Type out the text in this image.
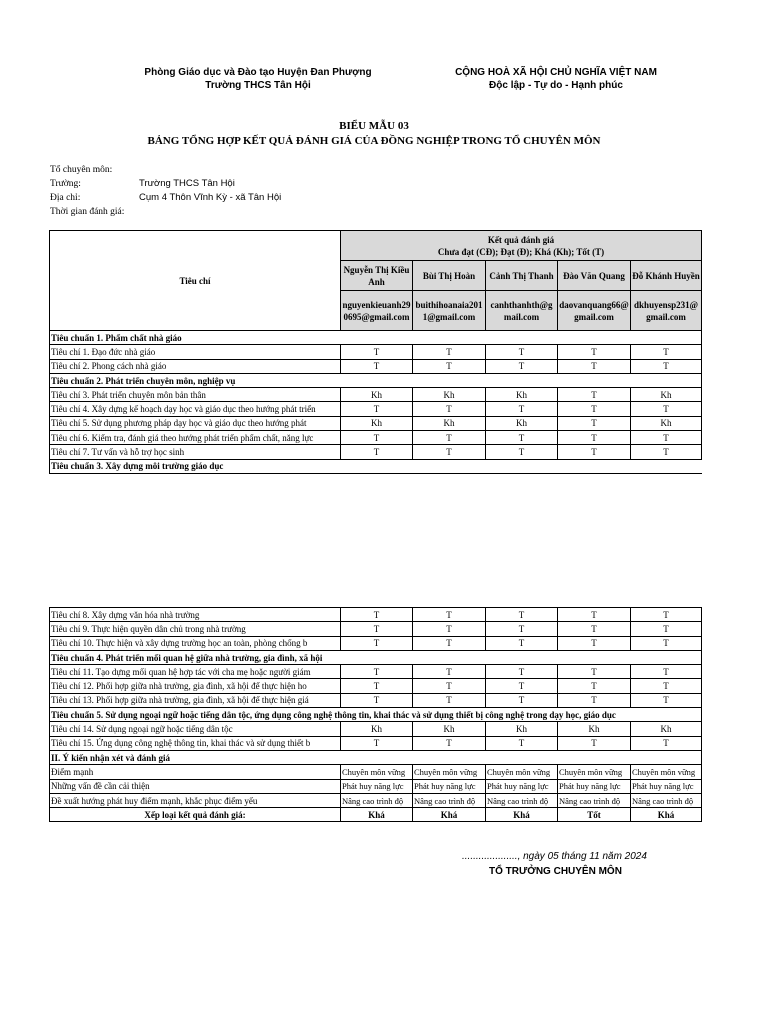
Phòng Giáo dục và Đào tạo Huyện Đan Phượng
Trường THCS Tân Hội
CỘNG HOÀ XÃ HỘI CHỦ NGHĨA VIỆT NAM
Độc lập - Tự do - Hạnh phúc
BIỂU MẪU 03
BẢNG TỔNG HỢP KẾT QUẢ ĐÁNH GIÁ CỦA ĐỒNG NGHIỆP TRONG TỔ CHUYÊN MÔN
Tổ chuyên môn:
Trường:	Trường THCS Tân Hội
Địa chỉ:	Cụm 4 Thôn Vĩnh Kỳ - xã Tân Hội
Thời gian đánh giá:
Tiêu chí	Kết quả đánh giá
Chưa đạt (CĐ); Đạt (Đ); Khá (Kh); Tốt (T)				

	Nguyễn Thị Kiều Anh	Bùi Thị Hoàn	Cảnh Thị Thanh	Đào Văn Quang	Đỗ Khánh Huyền
	nguyenkieuanh290695@gmail.com	buithihoanaia2011@gmail.com	canhthanhth@gmail.com	daovanquang66@gmail.com	dkhuyensp231@gmail.com
Tiêu chuẩn 1. Phẩm chất nhà giáo					
Tiêu chí 1. Đạo đức nhà giáo	T	T	T	T	T
Tiêu chí 2. Phong cách nhà giáo	T	T	T	T	T
Tiêu chuẩn 2. Phát triển chuyên môn, nghiệp vụ					
Tiêu chí 3. Phát triển chuyên môn bản thân	Kh	Kh	Kh	T	Kh
Tiêu chí 4. Xây dựng kế hoạch dạy học và giáo dục theo hướng phát triển	T	T	T	T	T
Tiêu chí 5. Sử dụng phương pháp dạy học và giáo dục theo hướng phát	Kh	Kh	Kh	T	Kh
Tiêu chí 6. Kiểm tra, đánh giá theo hướng phát triển phẩm chất, năng lực	T	T	T	T	T
Tiêu chí 7. Tư vấn và hỗ trợ học sinh	T	T	T	T	T
Tiêu chuẩn 3. Xây dựng môi trường giáo dục					
Tiêu chí 8. Xây dựng văn hóa nhà trường	T	T	T	T	T
Tiêu chí 9. Thực hiện quyền dân chủ trong nhà trường	T	T	T	T	T
Tiêu chí 10. Thực hiện và xây dựng trường học an toàn, phòng chống b	T	T	T	T	T
Tiêu chuẩn 4. Phát triển mối quan hệ giữa nhà trường, gia đình, xã hội					
Tiêu chí 11. Tạo dựng mối quan hệ hợp tác với cha mẹ hoặc người giám	T	T	T	T	T
Tiêu chí 12. Phối hợp giữa nhà trường, gia đình, xã hội để thực hiện ho	T	T	T	T	T
Tiêu chí 13. Phối hợp giữa nhà trường, gia đình, xã hội để thực hiện giá	T	T	T	T	T
Tiêu chuẩn 5. Sử dụng ngoại ngữ hoặc tiếng dân tộc, ứng dụng công nghệ thông tin, khai thác và sử dụng thiết bị công nghệ trong dạy học, giáo dục					
Tiêu chí 14. Sử dụng ngoại ngữ hoặc tiếng dân tộc	Kh	Kh	Kh	Kh	Kh
Tiêu chí 15. Ứng dụng công nghệ thông tin, khai thác và sử dụng thiết b	T	T	T	T	T
II. Ý kiến nhận xét và đánh giá					
Điểm mạnh	Chuyên môn vững	Chuyên môn vững	Chuyên môn vững	Chuyên môn vững	Chuyên môn vững
Những vấn đề cần cải thiện	Phát huy năng lực	Phát huy năng lực	Phát huy năng lực	Phát huy năng lực	Phát huy năng lực
Đề xuất hướng phát huy điểm mạnh, khắc phục điểm yếu	Nâng cao trình độ	Nâng cao trình độ	Nâng cao trình độ	Nâng cao trình độ	Nâng cao trình độ
Xếp loại kết quả đánh giá:	Khá	Khá	Khá	Tốt	Khá
...................., ngày 05 tháng 11 năm 2024
TỔ TRƯỞNG CHUYÊN MÔN
